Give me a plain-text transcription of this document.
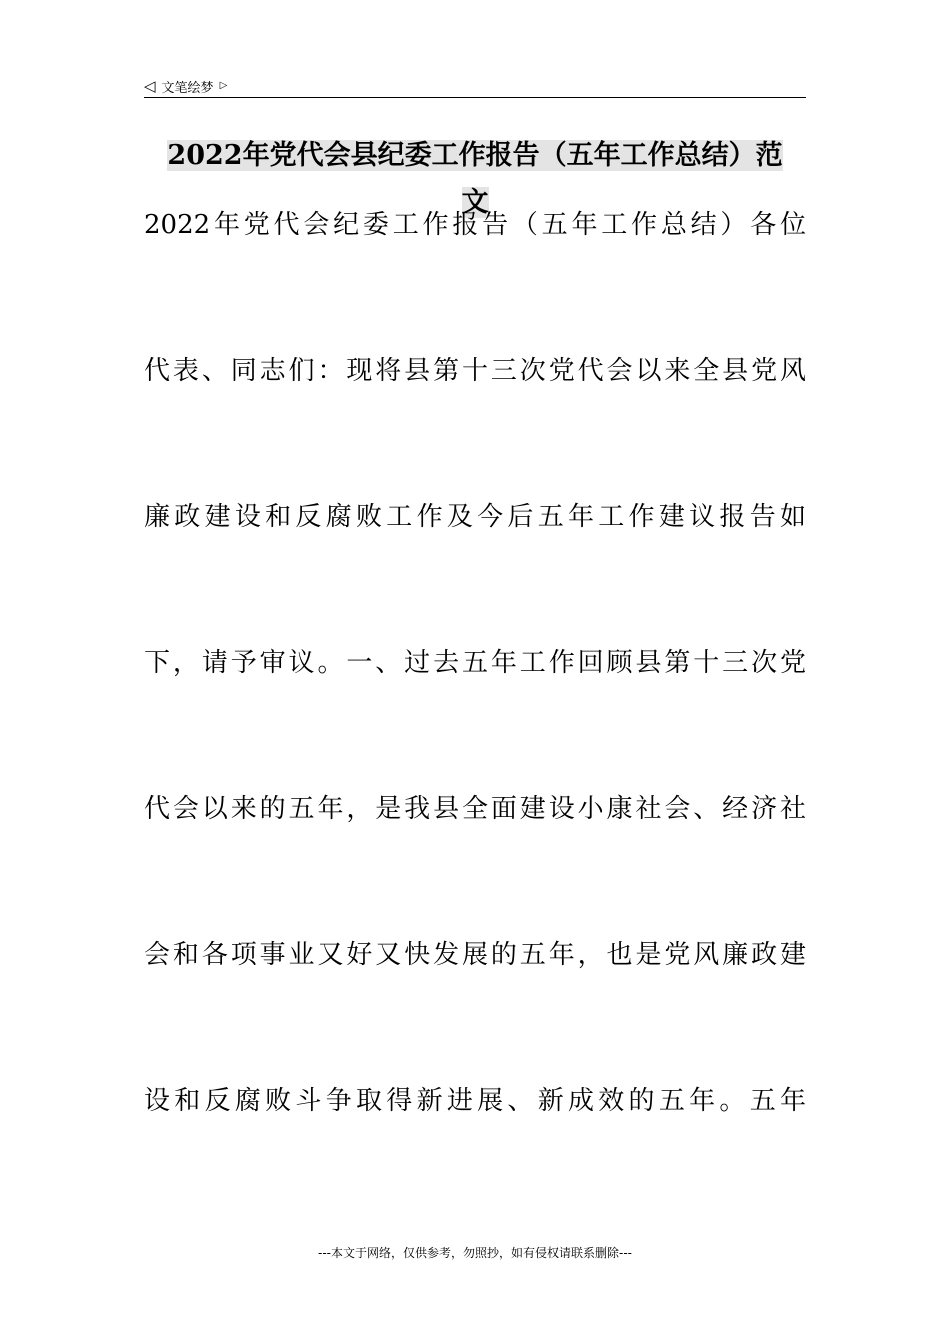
◁ 文笔绘梦 ▷
2022年党代会县纪委工作报告（五年工作总结）范
文
2022年党代会纪委工作报告（五年工作总结）各位
代表、同志们：现将县第十三次党代会以来全县党风
廉政建设和反腐败工作及今后五年工作建议报告如
下，请予审议。一、过去五年工作回顾县第十三次党
代会以来的五年，是我县全面建设小康社会、经济社
会和各项事业又好又快发展的五年，也是党风廉政建
设和反腐败斗争取得新进展、新成效的五年。五年
---本文于网络，仅供参考，勿照抄，如有侵权请联系删除---
